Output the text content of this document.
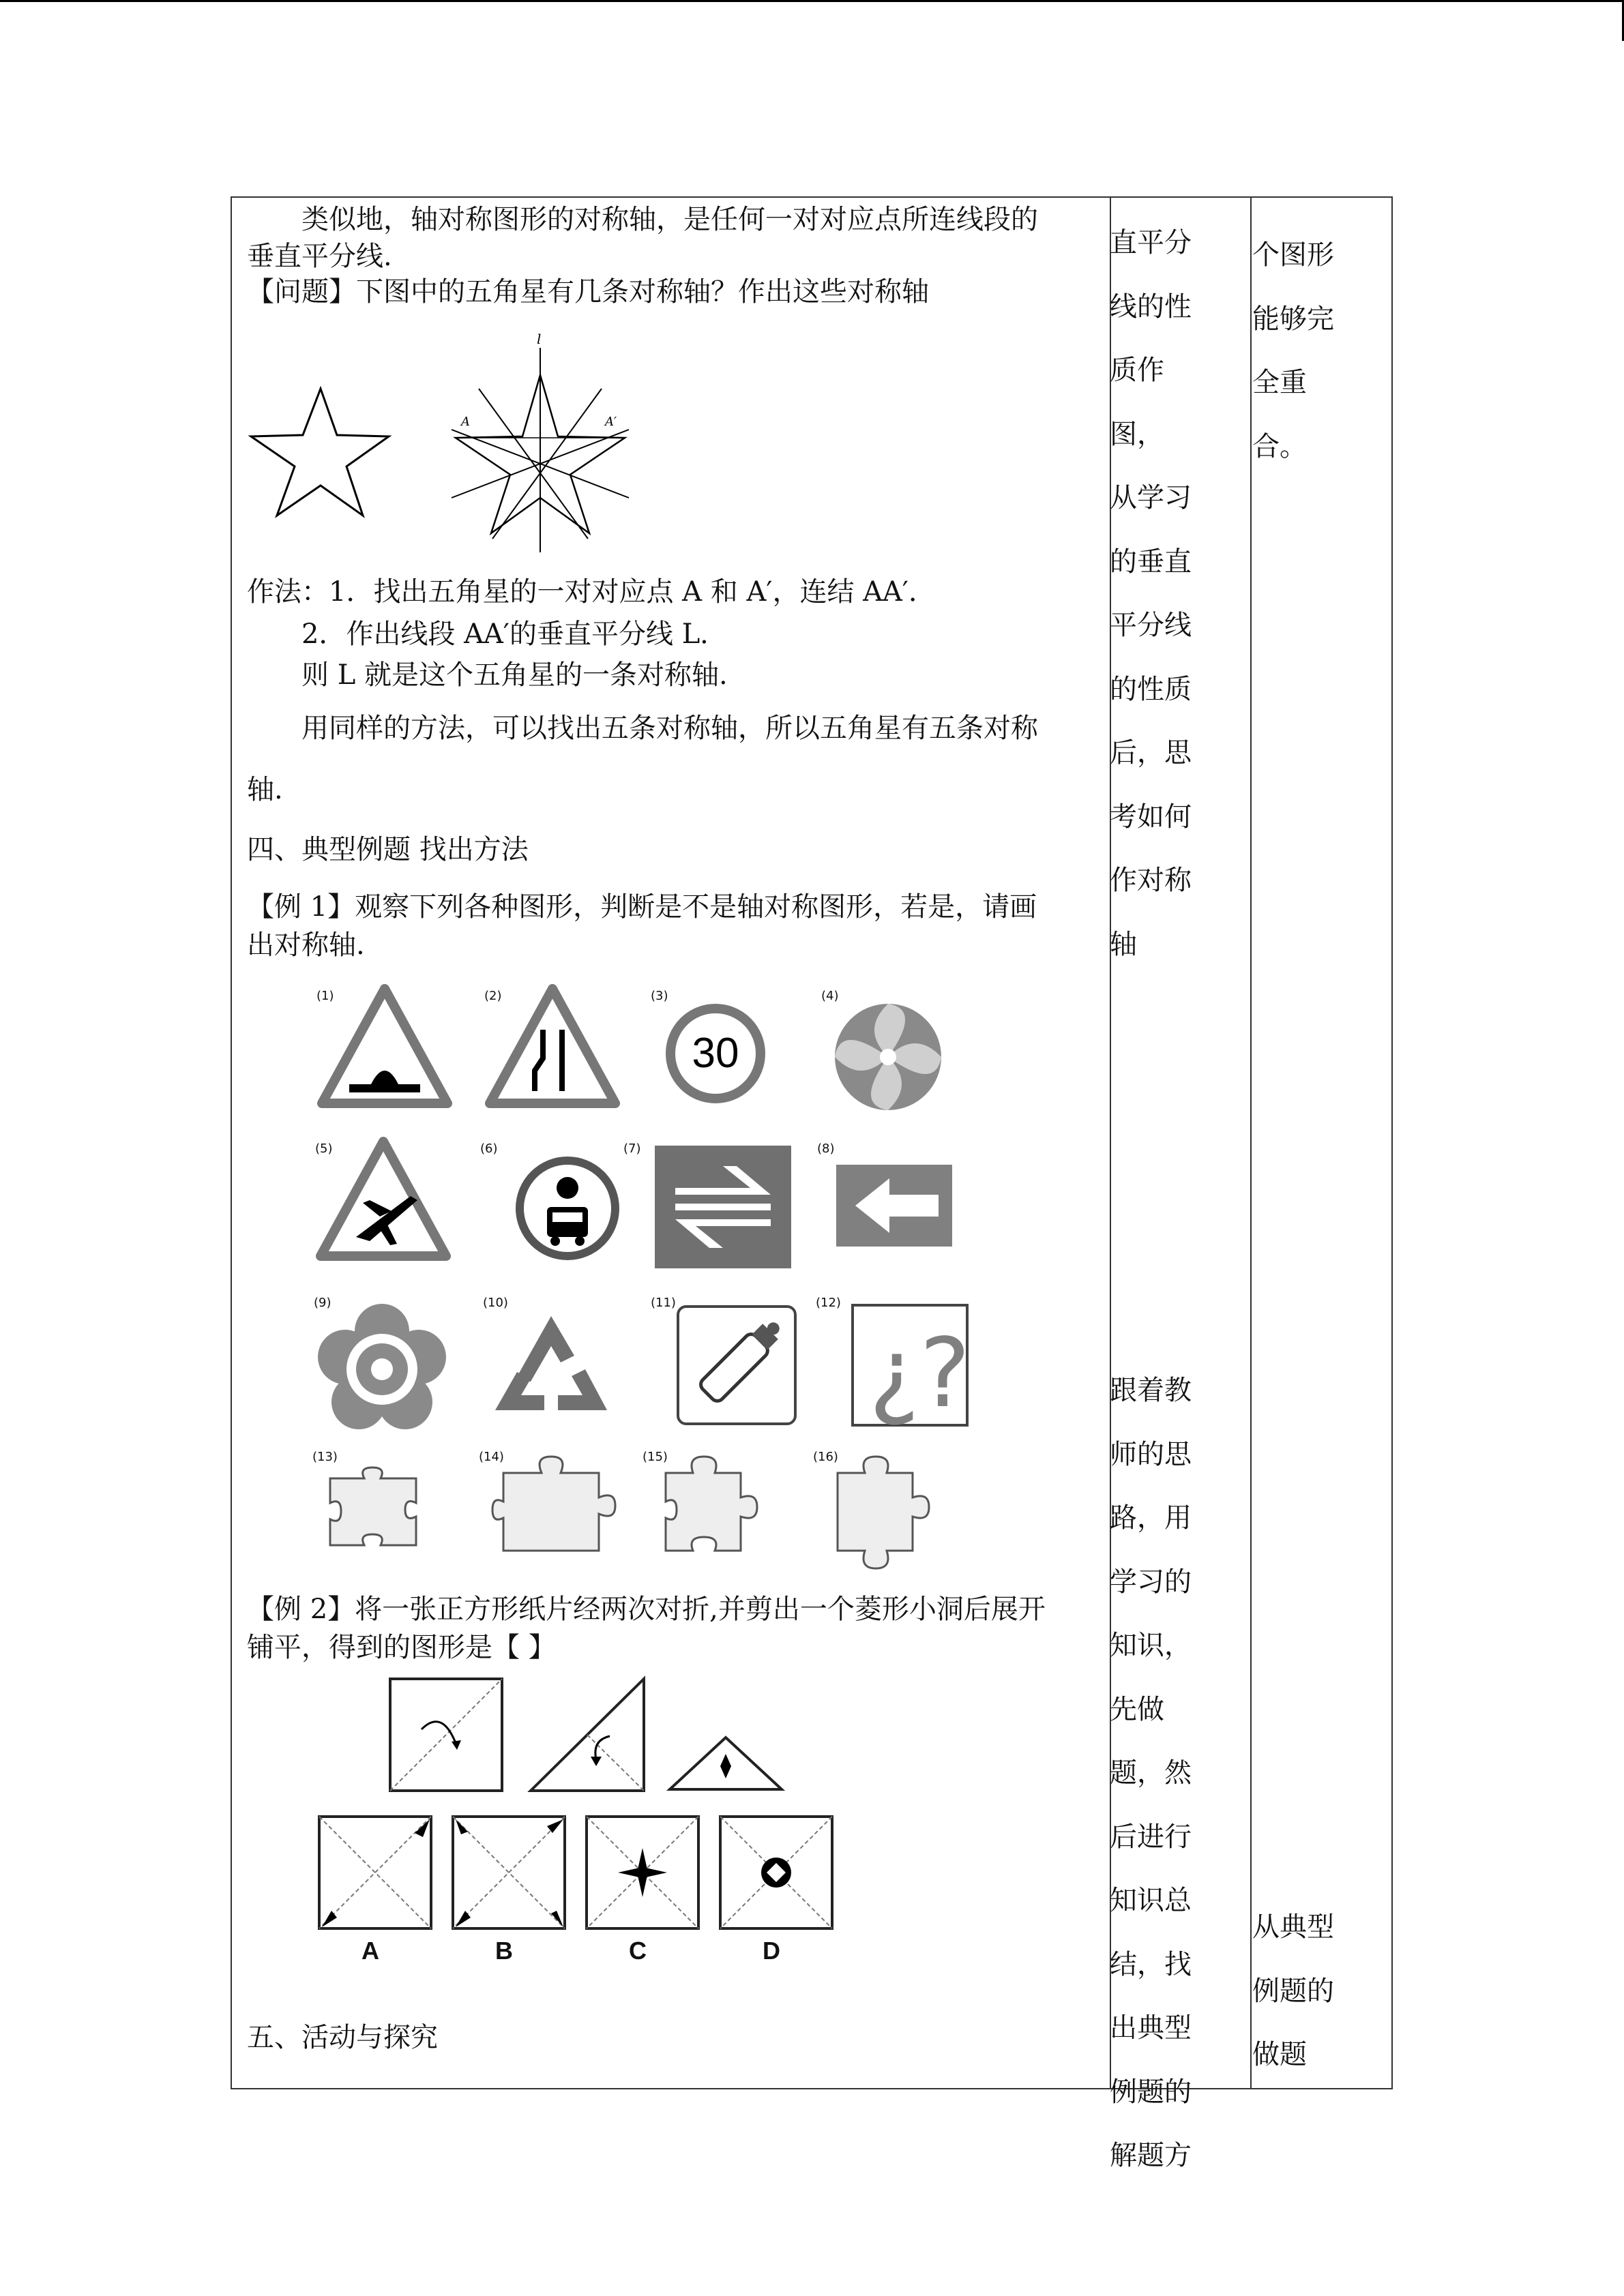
类似地，轴对称图形的对称轴，是任何一对对应点所连线段的
垂直平分线.
【问题】下图中的五角星有几条对称轴？作出这些对称轴
l
A	A′
作法：1．找出五角星的一对对应点 A 和 A′，连结 AA′．
2．作出线段 AA′的垂直平分线 L．
则 L 就是这个五角星的一条对称轴.
用同样的方法，可以找出五条对称轴，所以五角星有五条对称
轴.
四、典型例题 找出方法
【例 1】观察下列各种图形，判断是不是轴对称图形，若是，请画
出对称轴.
(1)	(2)	(3)
30
(4)
(5)	(6)	(7)	(8)
(9)	(10)	(11)	(12)
¿?
(13)	(14)	(15)	(16)
【例 2】将一张正方形纸片经两次对折,并剪出一个菱形小洞后展开
铺平，得到的图形是【 】
A	B	C	D
五、活动与探究
直平分
线的性
质作
图，
从学习
的垂直
平分线
的性质
后，思
考如何
作对称
轴

跟着教
师的思
路，用
学习的
知识，
先做
题，然
后进行
知识总
结，找
出典型
例题的
解题方
个图形
能够完
全重
合。
从典型
例题的
做题
